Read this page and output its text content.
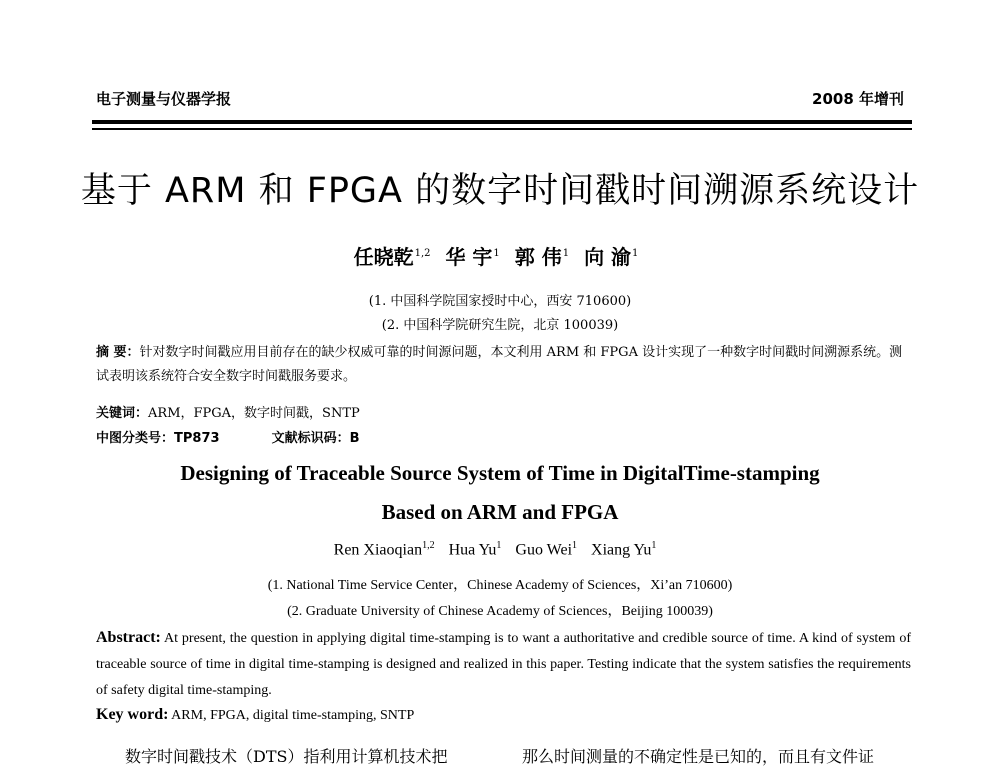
电子测量与仪器学报	2008 年增刊
基于 ARM 和 FPGA 的数字时间戳时间溯源系统设计
任晓乾$^{1,2}$ 华 宇$^1$ 郭 伟$^1$ 向 渝$^1$
(1. 中国科学院国家授时中心，西安 710600)
(2. 中国科学院研究生院，北京 100039)
摘 要：针对数字时间戳应用目前存在的缺少权威可靠的时间源问题，本文利用 ARM 和 FPGA 设计实现了一种数字时间戳时间溯源系统。测试表明该系统符合安全数字时间戳服务要求。
关键词：ARM，FPGA，数字时间戳，SNTP
中图分类号：TP873	文献标识码：B
Designing of Traceable Source System of Time in DigitalTime-stamping
Based on ARM and FPGA
Ren Xiaoqian$^{1,2}$ Hua Yu$^1$ Guo Wei$^1$ Xiang Yu$^1$
(1. National Time Service Center，Chinese Academy of Sciences，Xi’an 710600)
(2. Graduate University of Chinese Academy of Sciences，Beijing 100039)
Abstract: At present, the question in applying digital time-stamping is to want a authoritative and credible source of time. A kind of system of traceable source of time in digital time-stamping is designed and realized in this paper. Testing indicate that the system satisfies the requirements of safety digital time-stamping.
Key word: ARM, FPGA, digital time-stamping, SNTP
数字时间戳技术（DTS）指利用计算机技术把	那么时间测量的不确定性是已知的，而且有文件证
